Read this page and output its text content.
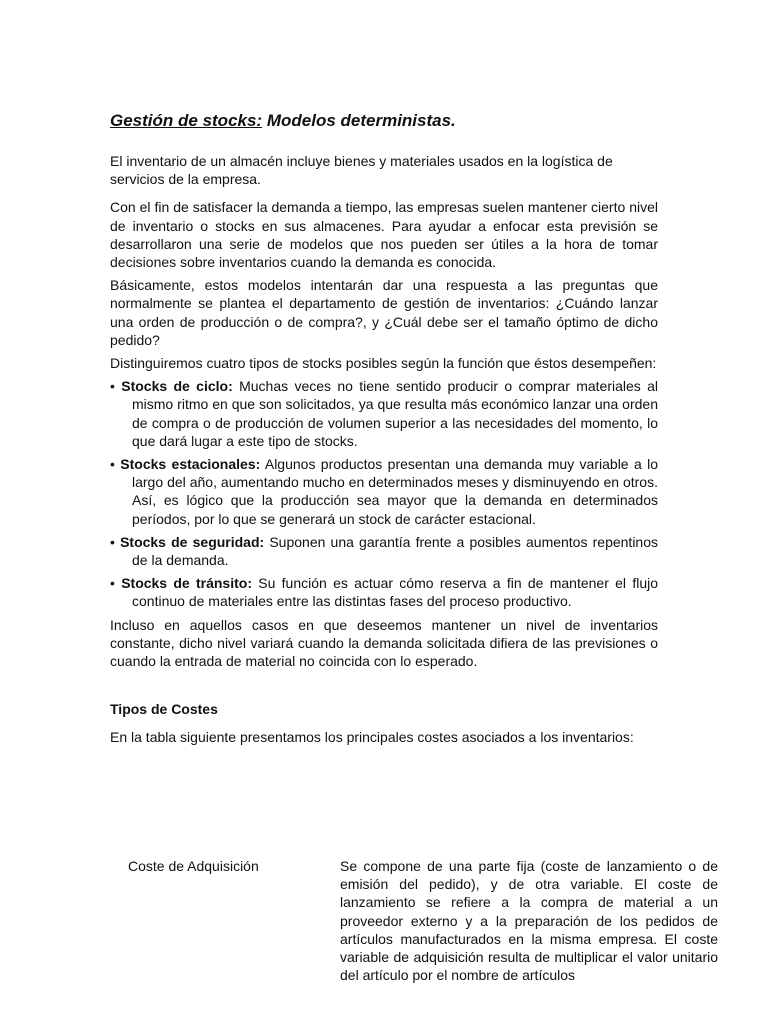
Gestión de stocks: Modelos deterministas.

El inventario de un almacén incluye bienes y materiales usados en la logística de servicios de la empresa.

Con el fin de satisfacer la demanda a tiempo, las empresas suelen mantener cierto nivel de inventario o stocks en sus almacenes. Para ayudar a enfocar esta previsión se desarrollaron una serie de modelos que nos pueden ser útiles a la hora de tomar decisiones sobre inventarios cuando la demanda es conocida.

Básicamente, estos modelos intentarán dar una respuesta a las preguntas que normalmente se plantea el departamento de gestión de inventarios: ¿Cuándo lanzar una orden de producción o de compra?, y ¿Cuál debe ser el tamaño óptimo de dicho pedido?

Distinguiremos cuatro tipos de stocks posibles según la función que éstos desempeñen:

• Stocks de ciclo: Muchas veces no tiene sentido producir o comprar materiales al mismo ritmo en que son solicitados, ya que resulta más económico lanzar una orden de compra o de producción de volumen superior a las necesidades del momento, lo que dará lugar a este tipo de stocks.
• Stocks estacionales: Algunos productos presentan una demanda muy variable a lo largo del año, aumentando mucho en determinados meses y disminuyendo en otros. Así, es lógico que la producción sea mayor que la demanda en determinados períodos, por lo que se generará un stock de carácter estacional.
• Stocks de seguridad: Suponen una garantía frente a posibles aumentos repentinos de la demanda.
• Stocks de tránsito: Su función es actuar cómo reserva a fin de mantener el flujo continuo de materiales entre las distintas fases del proceso productivo.

Incluso en aquellos casos en que deseemos mantener un nivel de inventarios constante, dicho nivel variará cuando la demanda solicitada difiera de las previsiones o cuando la entrada de material no coincida con lo esperado.

Tipos de Costes

En la tabla siguiente presentamos los principales costes asociados a los inventarios:

Coste de Adquisición	Se compone de una parte fija (coste de lanzamiento o de emisión del pedido), y de otra variable. El coste de lanzamiento se refiere a la compra de material a un proveedor externo y a la preparación de los pedidos de artículos manufacturados en la misma empresa. El coste variable de adquisición resulta de multiplicar el valor unitario del artículo por el nombre de artículos
